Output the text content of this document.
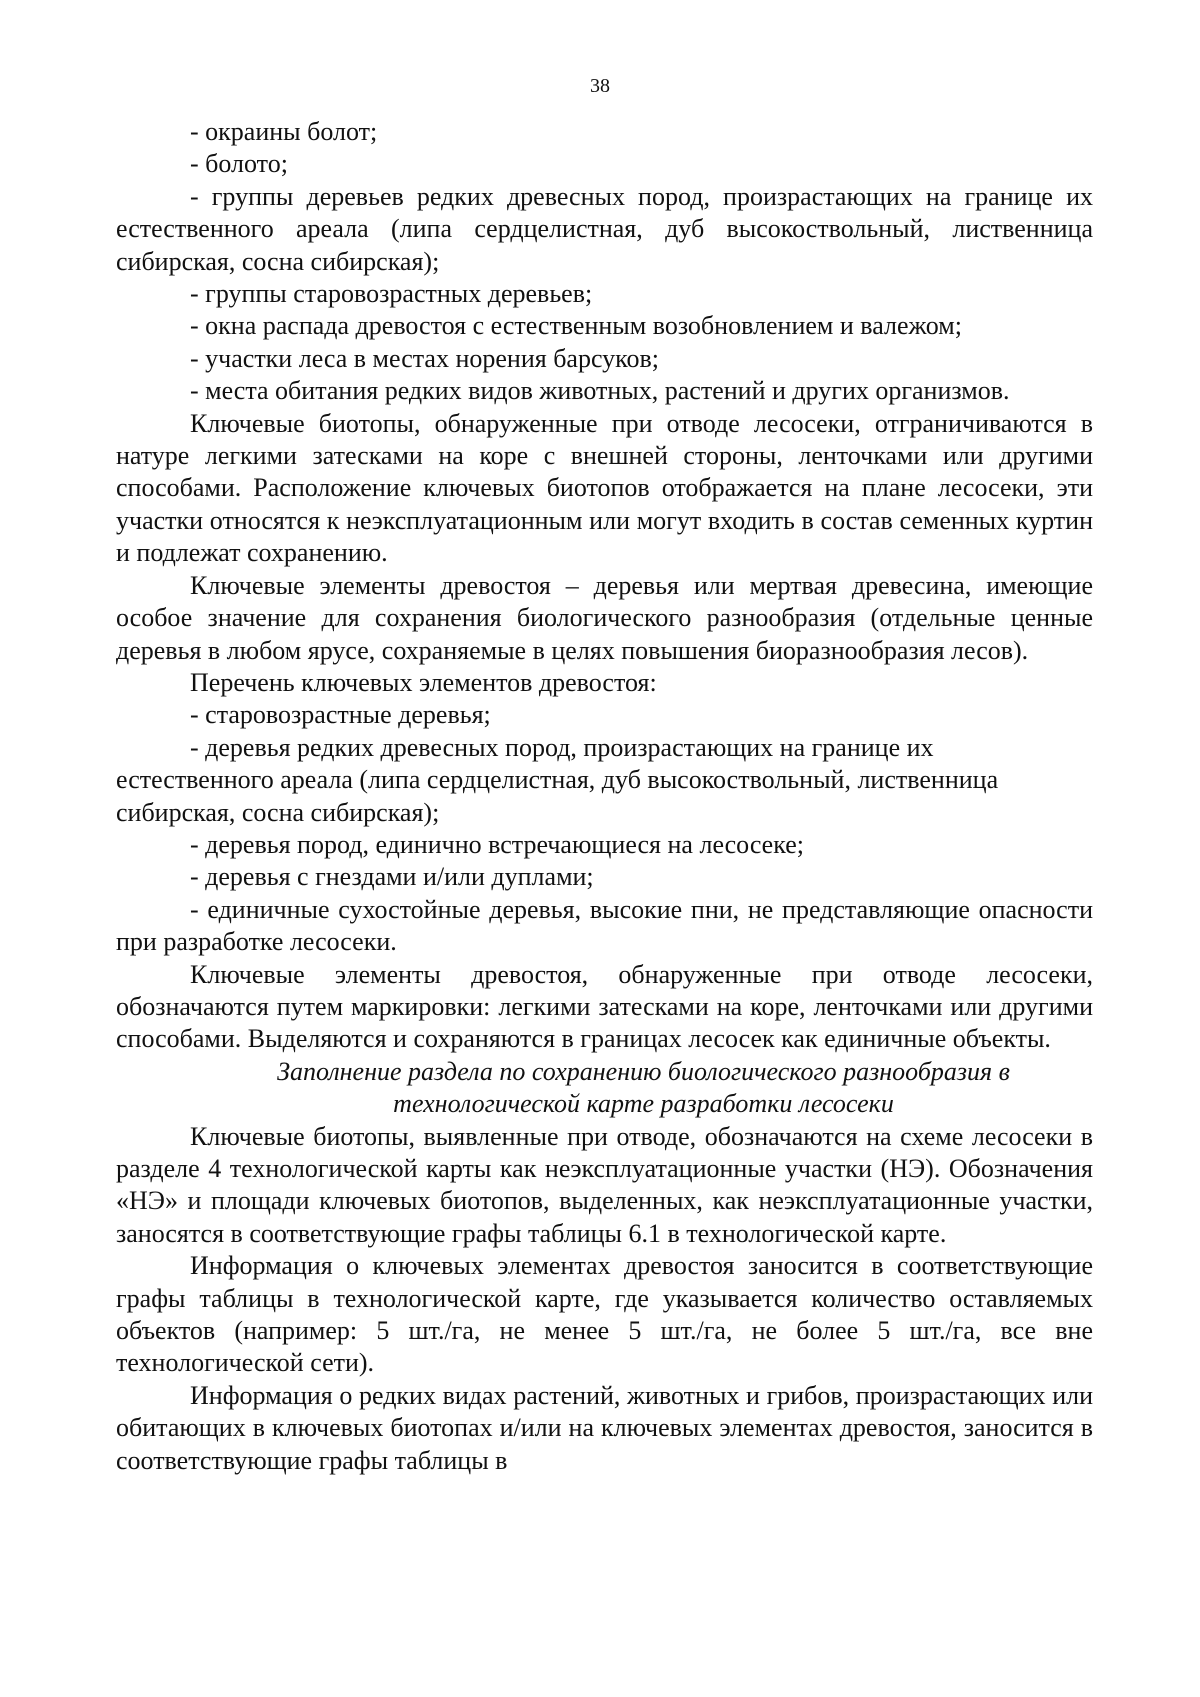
38

- окраины болот;

- болото;

- группы деревьев редких древесных пород, произрастающих на границе их естественного ареала (липа сердцелистная, дуб высокоствольный, лиственница сибирская, сосна сибирская);

- группы старовозрастных деревьев;

- окна распада древостоя с естественным возобновлением и валежом;

- участки леса в местах норения барсуков;

- места обитания редких видов животных, растений и других организмов.

Ключевые биотопы, обнаруженные при отводе лесосеки, отграничиваются в натуре легкими затесками на коре с внешней стороны, ленточками или другими способами. Расположение ключевых биотопов отображается на плане лесосеки, эти участки относятся к неэксплуатационным или могут входить в состав семенных куртин и подлежат сохранению.

Ключевые элементы древостоя – деревья или мертвая древесина, имеющие особое значение для сохранения биологического разнообразия (отдельные ценные деревья в любом ярусе, сохраняемые в целях повышения биоразнообразия лесов).

Перечень ключевых элементов древостоя:

- старовозрастные деревья;

- деревья редких древесных пород, произрастающих на границе их естественного ареала (липа сердцелистная, дуб высокоствольный, лиственница сибирская, сосна сибирская);

- деревья пород, единично встречающиеся на лесосеке;

- деревья с гнездами и/или дуплами;

- единичные сухостойные деревья, высокие пни, не представляющие опасности при разработке лесосеки.

Ключевые элементы древостоя, обнаруженные при отводе лесосеки, обозначаются путем маркировки: легкими затесками на коре, ленточками или другими способами. Выделяются и сохраняются в границах лесосек как единичные объекты.

Заполнение раздела по сохранению биологического разнообразия в технологической карте разработки лесосеки

Ключевые биотопы, выявленные при отводе, обозначаются на схеме лесосеки в разделе 4 технологической карты как неэксплуатационные участки (НЭ). Обозначения «НЭ» и площади ключевых биотопов, выделенных, как неэксплуатационные участки, заносятся в соответствующие графы таблицы 6.1 в технологической карте.

Информация о ключевых элементах древостоя заносится в соответствующие графы таблицы в технологической карте, где указывается количество оставляемых объектов (например: 5 шт./га, не менее 5 шт./га, не более 5 шт./га, все вне технологической сети).

Информация о редких видах растений, животных и грибов, произрастающих или обитающих в ключевых биотопах и/или на ключевых элементах древостоя, заносится в соответствующие графы таблицы в
